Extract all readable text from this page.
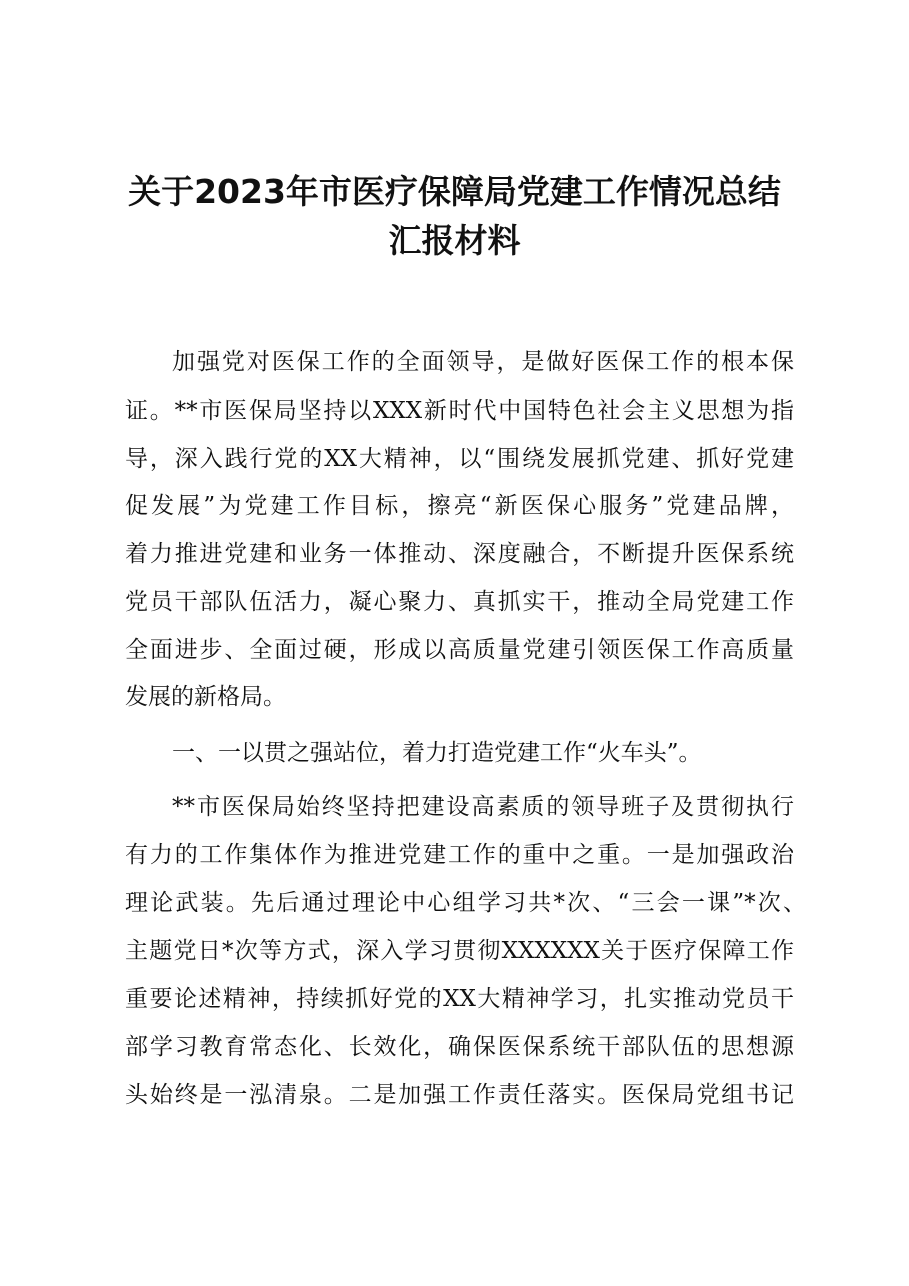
关于2023年市医疗保障局党建工作情况总结
汇报材料

加强党对医保工作的全面领导，是做好医保工作的根本保

证。**市医保局坚持以XXX新时代中国特色社会主义思想为指

导，深入践行党的XX大精神，以“围绕发展抓党建、抓好党建

促发展”为党建工作目标，擦亮“新医保心服务”党建品牌，

着力推进党建和业务一体推动、深度融合，不断提升医保系统

党员干部队伍活力，凝心聚力、真抓实干，推动全局党建工作

全面进步、全面过硬，形成以高质量党建引领医保工作高质量

发展的新格局。

一、一以贯之强站位，着力打造党建工作“火车头”。

**市医保局始终坚持把建设高素质的领导班子及贯彻执行

有力的工作集体作为推进党建工作的重中之重。一是加强政治

理论武装。先后通过理论中心组学习共*次、“三会一课”*次、

主题党日*次等方式，深入学习贯彻XXXXXX关于医疗保障工作

重要论述精神，持续抓好党的XX大精神学习，扎实推动党员干

部学习教育常态化、长效化，确保医保系统干部队伍的思想源

头始终是一泓清泉。二是加强工作责任落实。医保局党组书记
